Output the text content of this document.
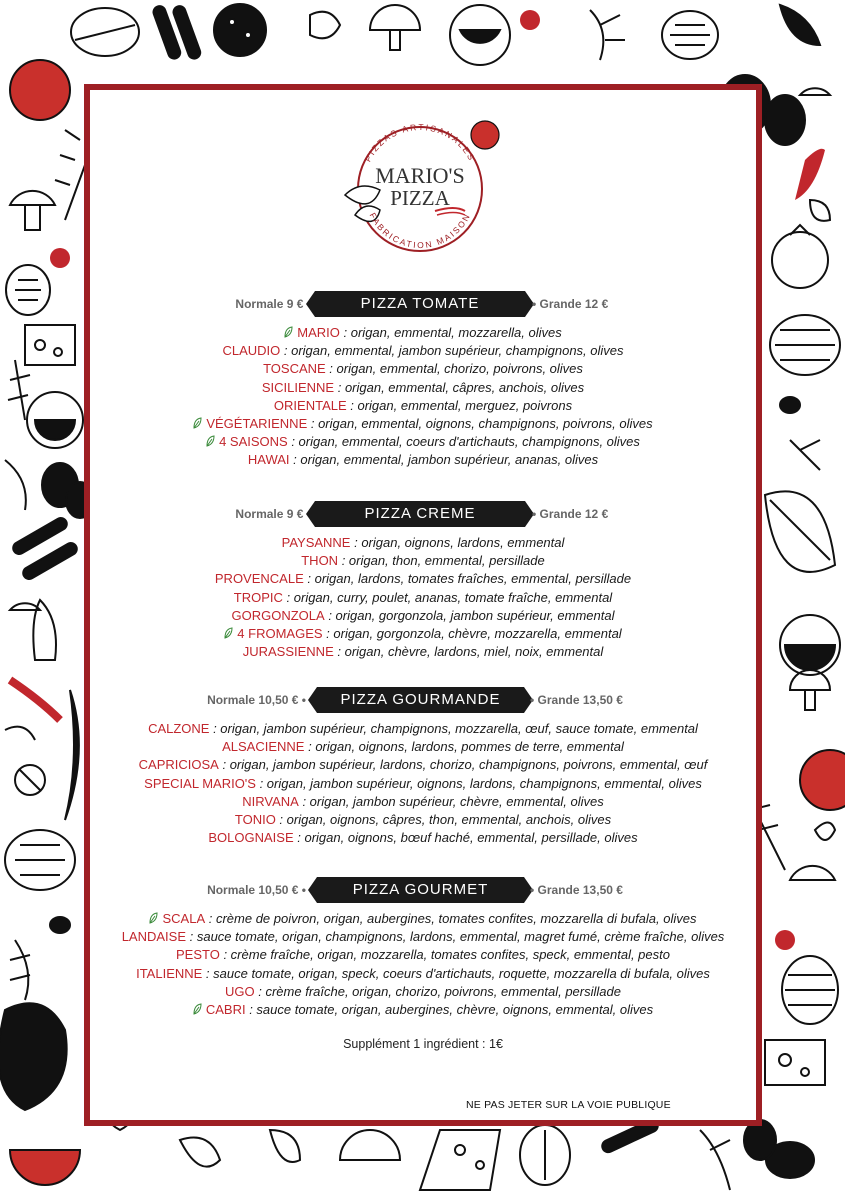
PIZZAS ARTISANALES
FABRICATION MAISON
MARIO'S
PIZZA
Normale 9 € •	PIZZA TOMATE	• Grande 12 €
MARIO : origan, emmental, mozzarella, olives
CLAUDIO : origan, emmental, jambon supérieur, champignons, olives
TOSCANE : origan, emmental, chorizo, poivrons, olives
SICILIENNE : origan, emmental, câpres, anchois, olives
ORIENTALE : origan, emmental, merguez, poivrons
VÉGÉTARIENNE : origan, emmental, oignons, champignons, poivrons, olives
4 SAISONS : origan, emmental, coeurs d'artichauts, champignons, olives
HAWAI : origan, emmental, jambon supérieur, ananas, olives
Normale 9 € •	PIZZA CREME	• Grande 12 €
PAYSANNE : origan, oignons, lardons, emmental
THON : origan, thon, emmental, persillade
PROVENCALE : origan, lardons, tomates fraîches, emmental, persillade
TROPIC : origan, curry, poulet, ananas, tomate fraîche, emmental
GORGONZOLA : origan, gorgonzola, jambon supérieur, emmental
4 FROMAGES : origan, gorgonzola, chèvre, mozzarella, emmental
JURASSIENNE : origan, chèvre, lardons, miel, noix, emmental
Normale 10,50 € •	PIZZA GOURMANDE	• Grande 13,50 €
CALZONE : origan, jambon supérieur, champignons, mozzarella, œuf, sauce tomate, emmental
ALSACIENNE : origan, oignons, lardons, pommes de terre, emmental
CAPRICIOSA : origan, jambon supérieur, lardons, chorizo, champignons, poivrons, emmental, œuf
SPECIAL MARIO'S : origan, jambon supérieur, oignons, lardons, champignons, emmental, olives
NIRVANA : origan, jambon supérieur, chèvre, emmental, olives
TONIO : origan, oignons, câpres, thon, emmental, anchois, olives
BOLOGNAISE : origan, oignons, bœuf haché, emmental, persillade, olives
Normale 10,50 € •	PIZZA GOURMET	• Grande 13,50 €
SCALA : crème de poivron, origan, aubergines, tomates confites, mozzarella di bufala, olives
LANDAISE : sauce tomate, origan, champignons, lardons, emmental, magret fumé, crème fraîche, olives
PESTO : crème fraîche, origan, mozzarella, tomates confites, speck, emmental, pesto
ITALIENNE : sauce tomate, origan, speck, coeurs d'artichauts, roquette, mozzarella di bufala, olives
UGO : crème fraîche, origan, chorizo, poivrons, emmental, persillade
CABRI : sauce tomate, origan, aubergines, chèvre, oignons, emmental, olives
Supplément 1 ingrédient : 1€
NE PAS JETER SUR LA VOIE PUBLIQUE
